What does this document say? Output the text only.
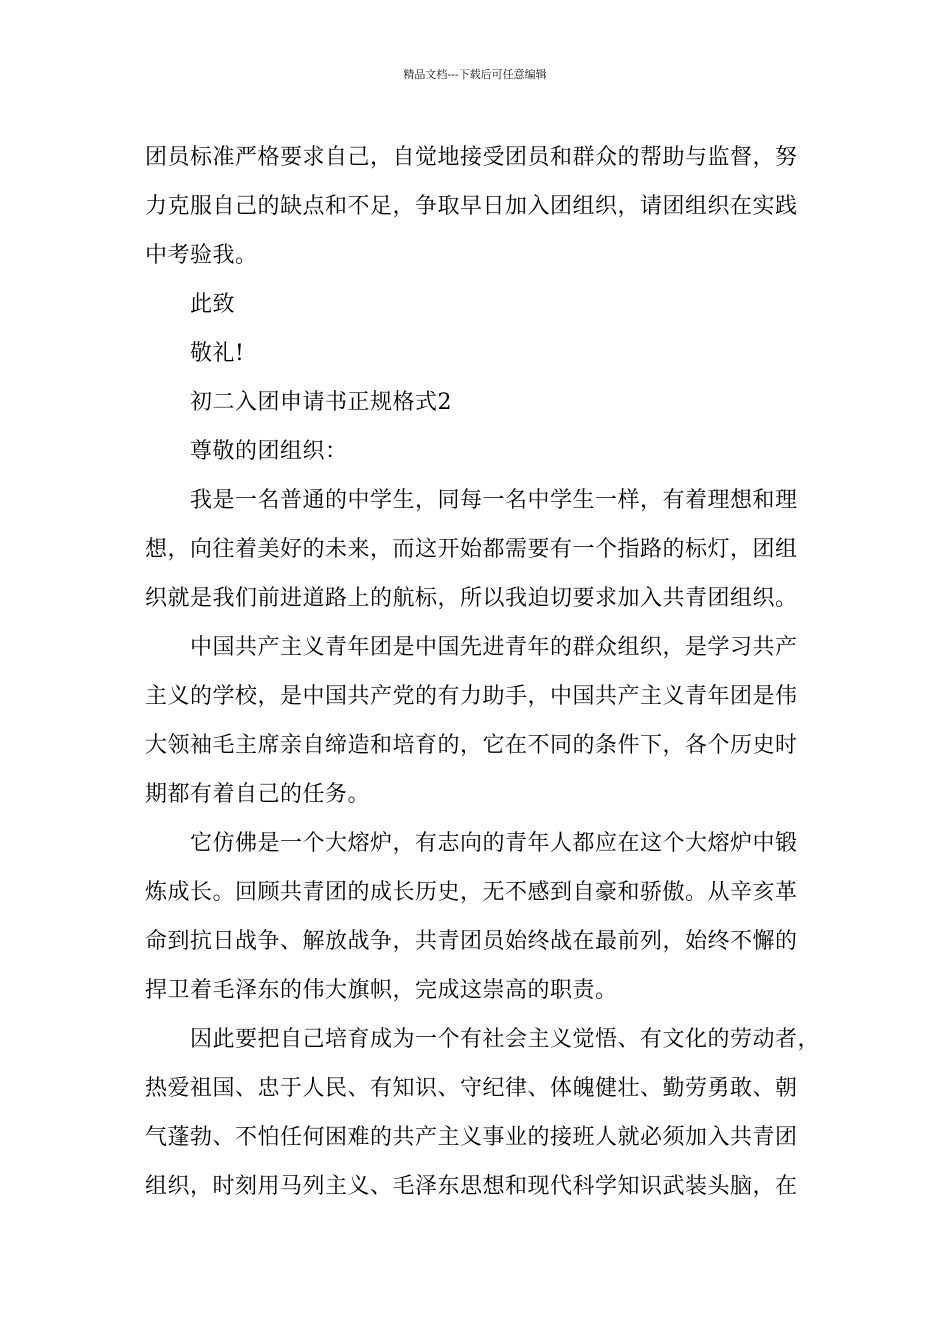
精品文档---下载后可任意编辑
团员标准严格要求自己，自觉地接受团员和群众的帮助与监督，努
力克服自己的缺点和不足，争取早日加入团组织，请团组织在实践
中考验我。
此致
敬礼!
初二入团申请书正规格式2
尊敬的团组织：
我是一名普通的中学生，同每一名中学生一样，有着理想和理
想，向往着美好的未来，而这开始都需要有一个指路的标灯，团组
织就是我们前进道路上的航标，所以我迫切要求加入共青团组织。
中国共产主义青年团是中国先进青年的群众组织，是学习共产
主义的学校，是中国共产党的有力助手，中国共产主义青年团是伟
大领袖毛主席亲自缔造和培育的，它在不同的条件下，各个历史时
期都有着自己的任务。
它仿佛是一个大熔炉，有志向的青年人都应在这个大熔炉中锻
炼成长。回顾共青团的成长历史，无不感到自豪和骄傲。从辛亥革
命到抗日战争、解放战争，共青团员始终战在最前列，始终不懈的
捍卫着毛泽东的伟大旗帜，完成这崇高的职责。
因此要把自己培育成为一个有社会主义觉悟、有文化的劳动者，
热爱祖国、忠于人民、有知识、守纪律、体魄健壮、勤劳勇敢、朝
气蓬勃、不怕任何困难的共产主义事业的接班人就必须加入共青团
组织，时刻用马列主义、毛泽东思想和现代科学知识武装头脑，在
